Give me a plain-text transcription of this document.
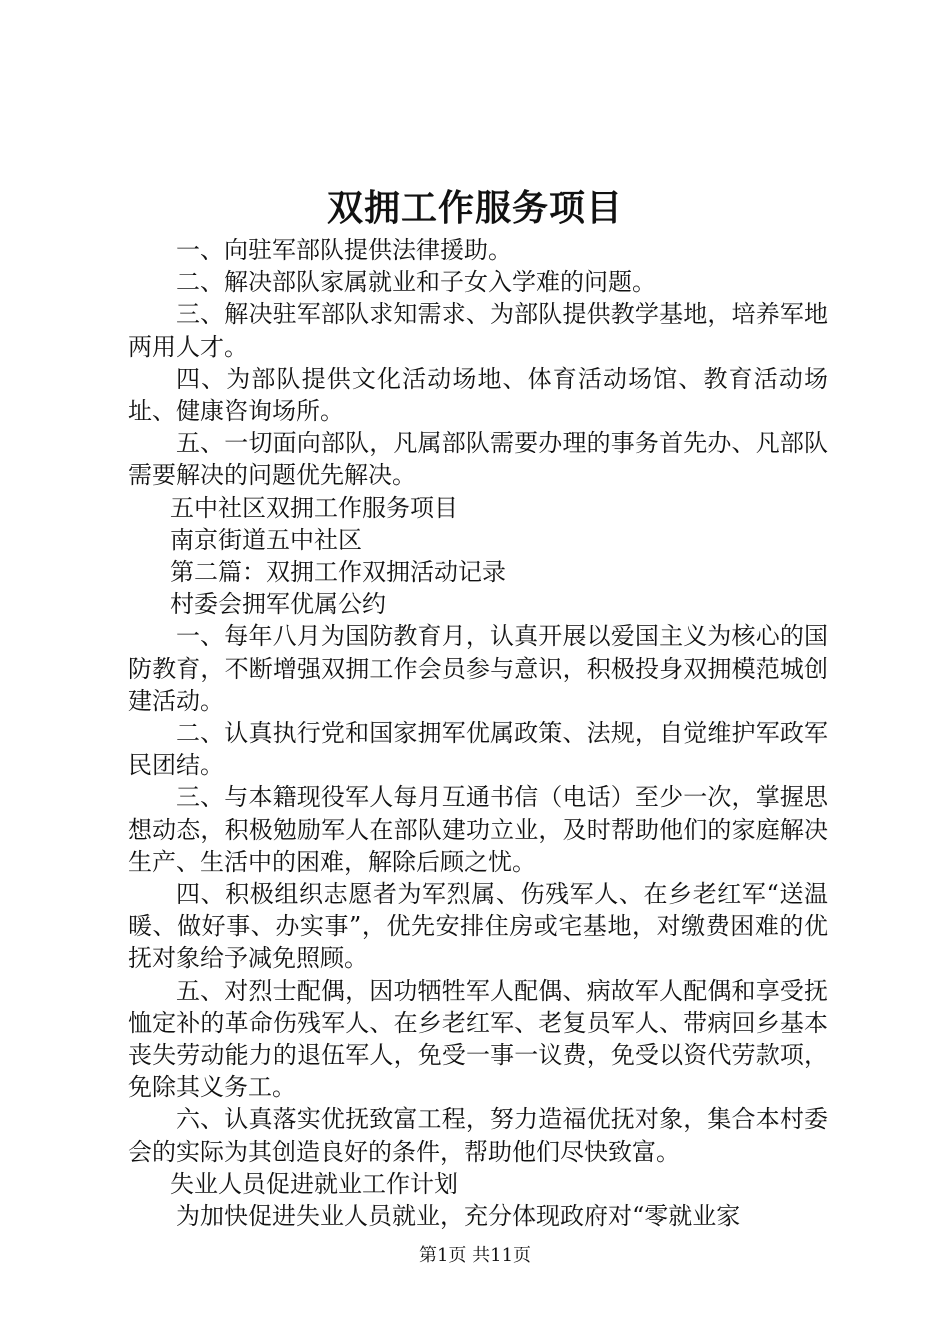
双拥工作服务项目

一、向驻军部队提供法律援助。

二、解决部队家属就业和子女入学难的问题。

三、解决驻军部队求知需求、为部队提供教学基地，培养军地两用人才。

四、为部队提供文化活动场地、体育活动场馆、教育活动场址、健康咨询场所。

五、一切面向部队，凡属部队需要办理的事务首先办、凡部队需要解决的问题优先解决。

五中社区双拥工作服务项目

南京街道五中社区

第二篇：双拥工作双拥活动记录

村委会拥军优属公约

一、每年八月为国防教育月，认真开展以爱国主义为核心的国防教育，不断增强双拥工作会员参与意识，积极投身双拥模范城创建活动。

二、认真执行党和国家拥军优属政策、法规，自觉维护军政军民团结。

三、与本籍现役军人每月互通书信（电话）至少一次，掌握思想动态，积极勉励军人在部队建功立业，及时帮助他们的家庭解决生产、生活中的困难，解除后顾之忧。

四、积极组织志愿者为军烈属、伤残军人、在乡老红军“送温暖、做好事、办实事”，优先安排住房或宅基地，对缴费困难的优抚对象给予减免照顾。

五、对烈士配偶，因功牺牲军人配偶、病故军人配偶和享受抚恤定补的革命伤残军人、在乡老红军、老复员军人、带病回乡基本丧失劳动能力的退伍军人，免受一事一议费，免受以资代劳款项，免除其义务工。

六、认真落实优抚致富工程，努力造福优抚对象，集合本村委会的实际为其创造良好的条件，帮助他们尽快致富。

失业人员促进就业工作计划

为加快促进失业人员就业，充分体现政府对“零就业家

第1页 共11页
